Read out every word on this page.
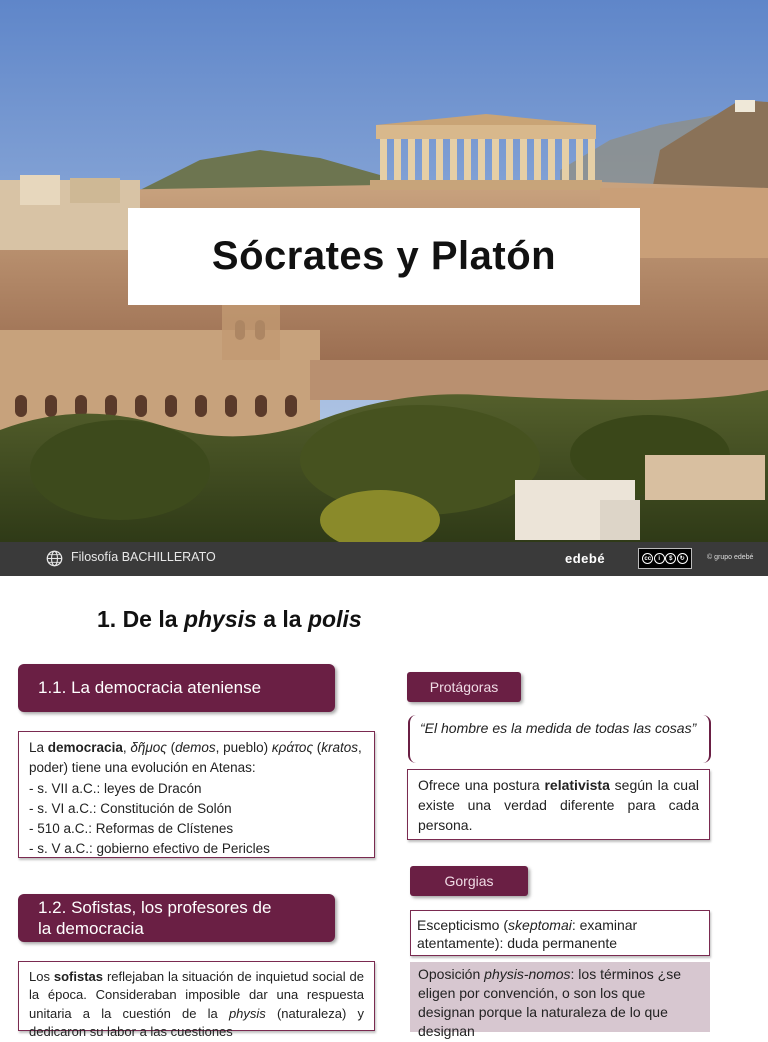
Sócrates y Platón
Filosofía BACHILLERATO	edebé	cc	i	$	↻	© grupo edebé
1. De la physis a la polis
1.1. La democracia ateniense
La democracia, δῆμος (demos, pueblo) κράτος (kratos, poder) tiene una evolución en Atenas:
- s. VII a.C.: leyes de Dracón
- s. VI a.C.: Constitución de Solón
- 510 a.C.: Reformas de Clístenes
- s. V a.C.: gobierno efectivo de Pericles
1.2. Sofistas, los profesores de
la democracia
Los sofistas reflejaban la situación de inquietud social de la época. Consideraban imposible dar una respuesta unitaria a la cuestión de la physis (naturaleza) y dedicaron su labor a las cuestiones
Protágoras
“El hombre es la medida de todas las cosas”
Ofrece una postura relativista según la cual existe una verdad diferente para cada persona.
Gorgias
Escepticismo (skeptomai: examinar atentamente): duda permanente
Oposición physis-nomos: los términos ¿se eligen por convención, o son los que designan porque la naturaleza de lo que designan
